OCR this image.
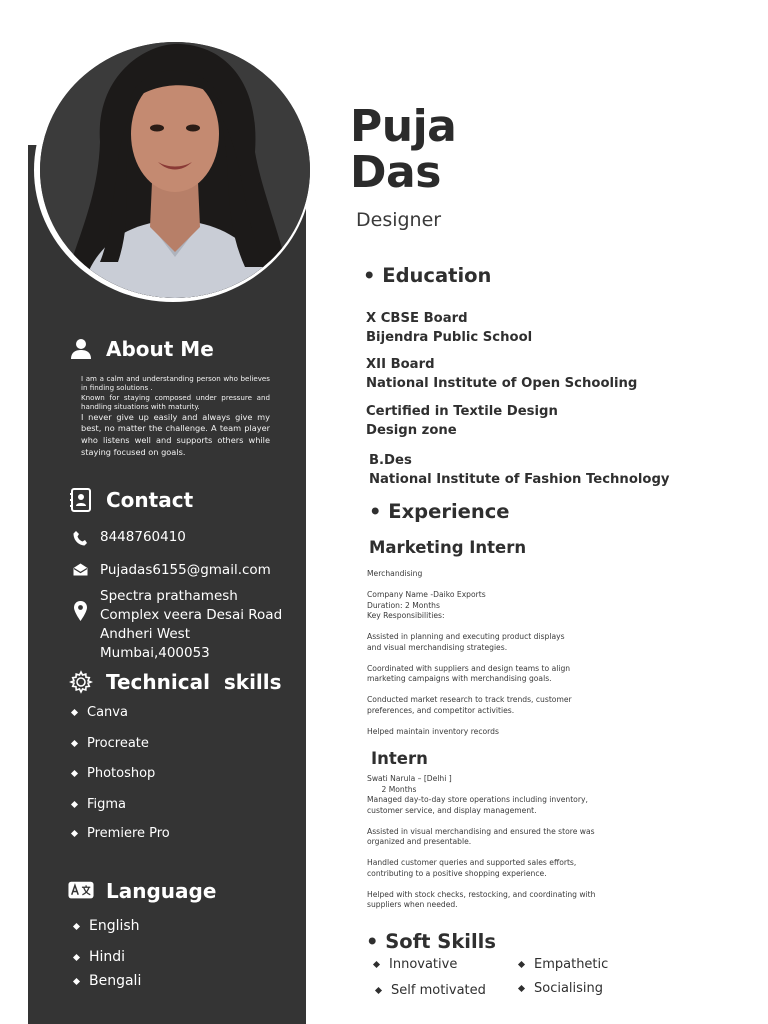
About Me

I am a calm and understanding person who believes in finding solutions .

Known for staying composed under pressure and handling situations with maturity.

I never give up easily and always give my best, no matter the challenge. A team player who listens well and supports others while staying focused on goals.

Contact
8448760410
Pujadas6155@gmail.com
Spectra prathamesh
Complex veera Desai Road
Andheri West
Mumbai,400053
Technical  skills
Canva
Procreate
Photoshop
Figma
Premiere Pro
Language
English
Hindi
Bengali
Puja
Das
Designer
• Education
X CBSE Board
Bijendra Public School
XII Board
National Institute of Open Schooling
Certified in Textile Design
Design zone
B.Des
National Institute of Fashion Technology
• Experience
Marketing Intern
Merchandising
Company Name -Daiko Exports
Duration: 2 Months
Key Responsibilities:
Assisted in planning and executing product displays
and visual merchandising strategies.
Coordinated with suppliers and design teams to align
marketing campaigns with merchandising goals.
Conducted market research to track trends, customer
preferences, and competitor activities.
Helped maintain inventory records
Intern
Swati Narula – [Delhi ]
2 Months
Managed day-to-day store operations including inventory,
customer service, and display management.
Assisted in visual merchandising and ensured the store was
organized and presentable.
Handled customer queries and supported sales efforts,
contributing to a positive shopping experience.
Helped with stock checks, restocking, and coordinating with
suppliers when needed.
• Soft Skills
Innovative	Empathetic
Self motivated	Socialising
